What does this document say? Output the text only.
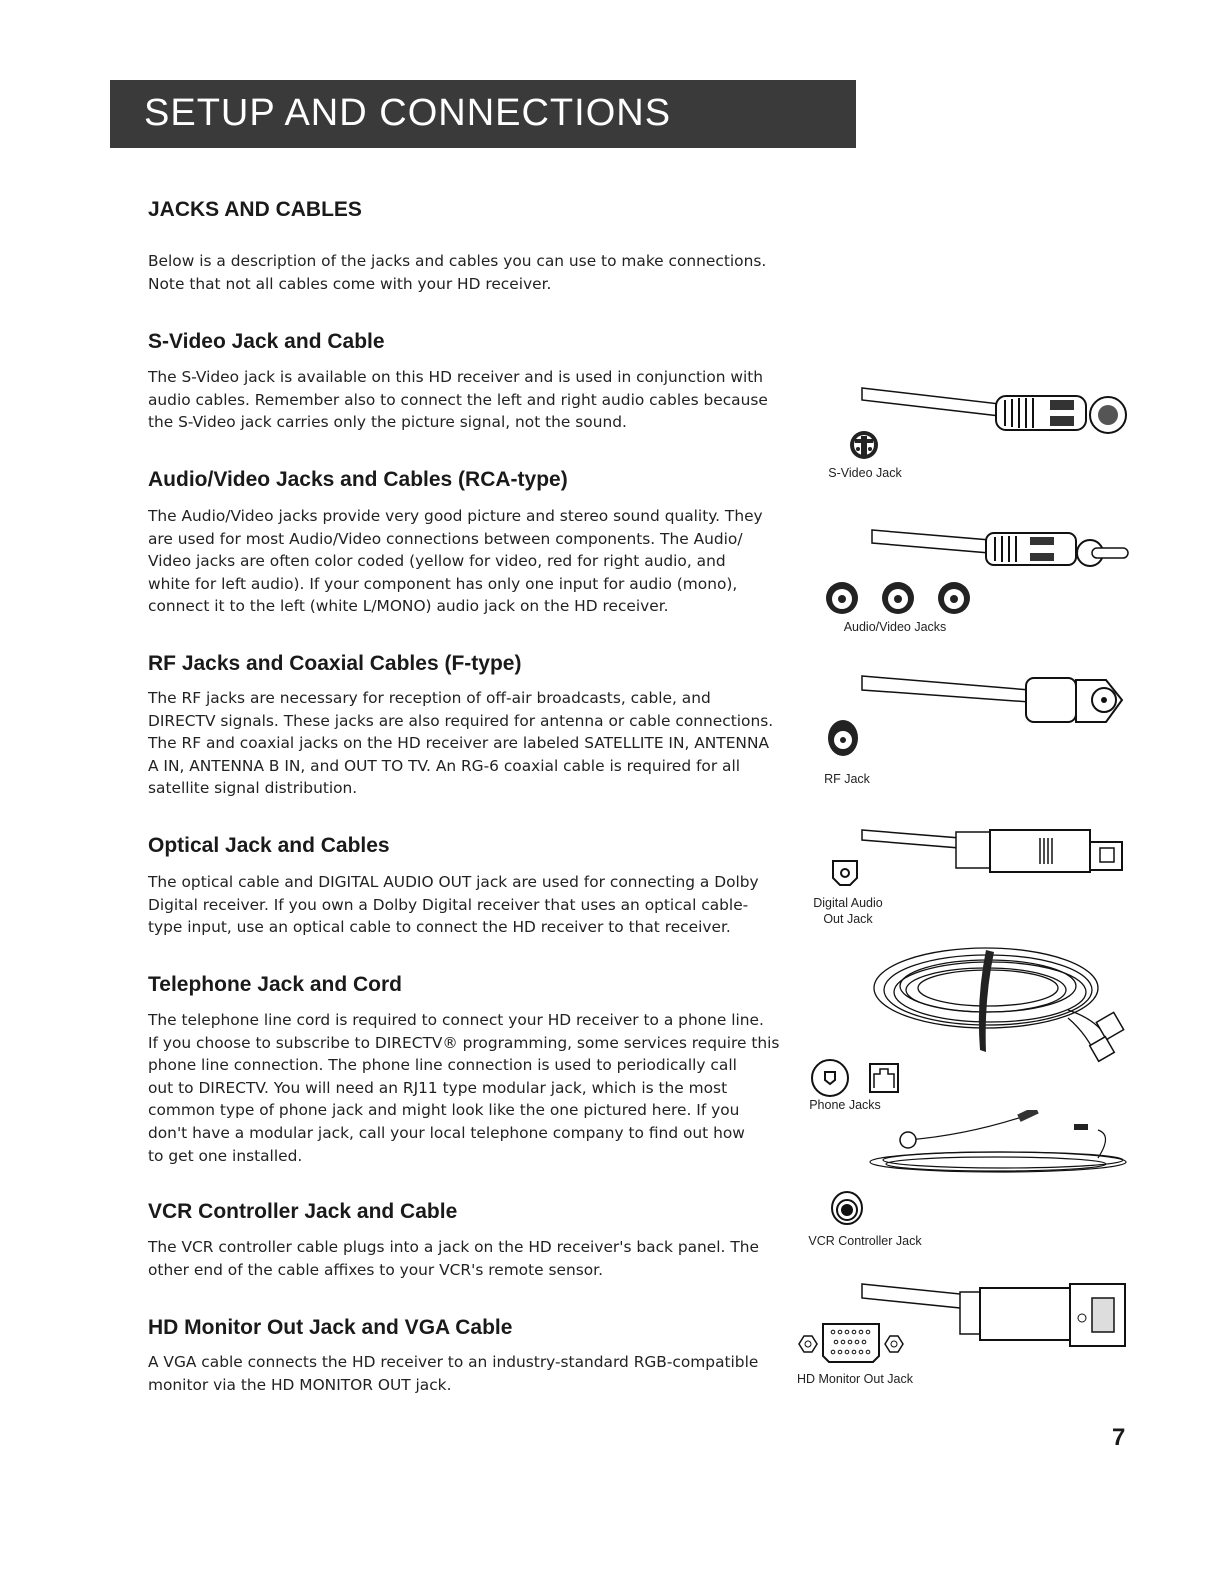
SETUP AND CONNECTIONS
JACKS AND CABLES
Below is a description of the jacks and cables you can use to make connections.
Note that not all cables come with your HD receiver.
S-Video Jack and Cable
The S-Video jack is available on this HD receiver and is used in conjunction with
audio cables. Remember also to connect the left and right audio cables because
the S-Video jack carries only the picture signal, not the sound.
Audio/Video Jacks and Cables (RCA-type)
The Audio/Video jacks provide very good picture and stereo sound quality. They
are used for most Audio/Video connections between components. The Audio/
Video jacks are often color coded (yellow for video, red for right audio, and
white for left audio). If your component has only one input for audio (mono),
connect it to the left (white L/MONO) audio jack on the HD receiver.
RF Jacks and Coaxial Cables (F-type)
The RF jacks are necessary for reception of off-air broadcasts, cable, and
DIRECTV signals. These jacks are also required for antenna or cable connections.
The RF and coaxial jacks on the HD receiver are labeled SATELLITE IN, ANTENNA
A IN, ANTENNA B IN, and OUT TO TV. An RG-6 coaxial cable is required for all
satellite signal distribution.
Optical Jack and Cables
The optical cable and DIGITAL AUDIO OUT jack are used for connecting a Dolby
Digital receiver. If you own a Dolby Digital receiver that uses an optical cable-
type input, use an optical cable to connect the HD receiver to that receiver.
Telephone Jack and Cord
The telephone line cord is required to connect your HD receiver to a phone line.
If you choose to subscribe to DIRECTV® programming, some services require this
phone line connection. The phone line connection is used to periodically call
out to DIRECTV. You will need an RJ11 type modular jack, which is the most
common type of phone jack and might look like the one pictured here. If you
don't have a modular jack, call your local telephone company to find out how
to get one installed.
VCR Controller Jack and Cable
The VCR controller cable plugs into a jack on the HD receiver's back panel. The
other end of the cable affixes to your VCR's remote sensor.
HD Monitor Out Jack and VGA Cable
A VGA cable connects the HD receiver to an industry-standard RGB-compatible
monitor via the HD MONITOR OUT jack.
S-Video Jack
Audio/Video Jacks
RF Jack
Digital Audio
Out Jack
Phone Jacks
VCR Controller Jack
HD Monitor Out Jack
7
